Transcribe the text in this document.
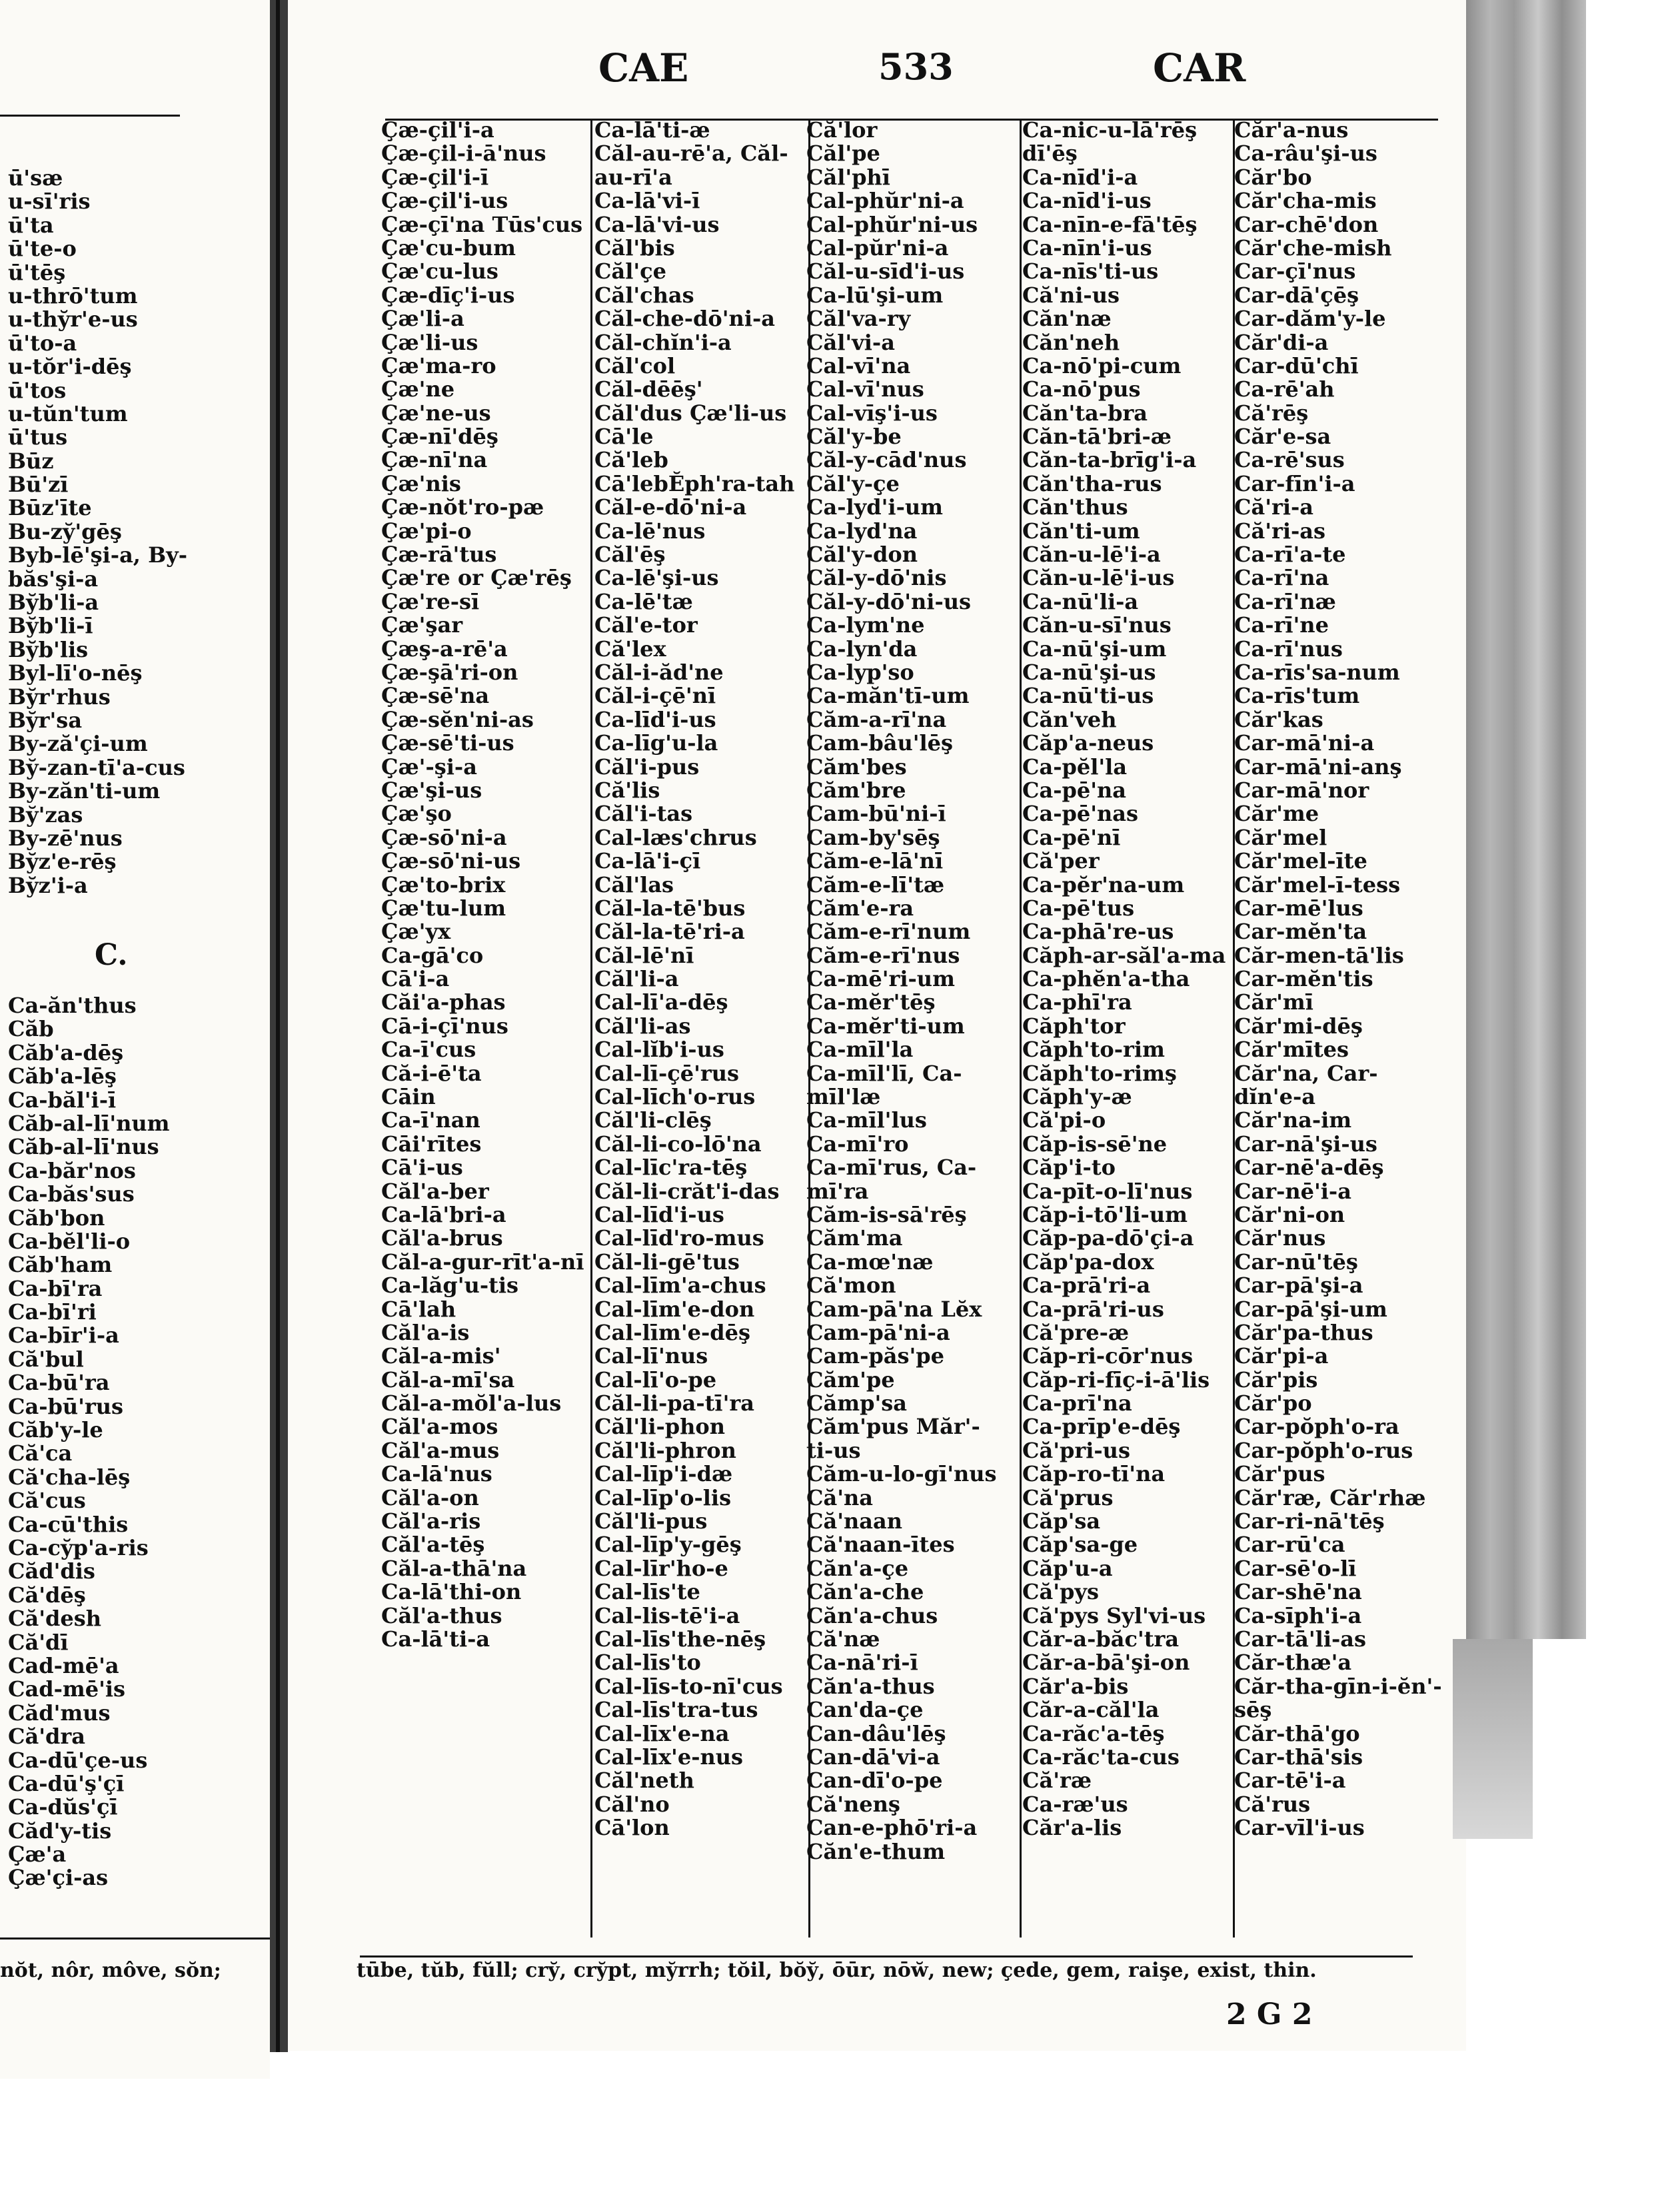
ū'sæ
u-sī'ris
ū'ta
ū'te-o
ū'tēş
u-thrō'tum
u-thy̆r'e-us
ū'to-a
u-tŏr'i-dēş
ū'tos
u-tŭn'tum
ū'tus
Būz
Bū'zī
Būz'īte
Bu-zy̆'gēş
Byb-lē'şi-a, By-
băs'şi-a
By̆b'li-a
By̆b'li-ī
By̆b'lis
Byl-lī'o-nēş
By̆r'rhus
By̆r'sa
By-ză'çi-um
By̆-zan-tī'a-cus
By-zăn'ti-um
By̆'zas
By-zē'nus
By̆z'e-rēş
By̆z'i-a
C.
Ca-ăn'thus
Căb
Căb'a-dēş
Căb'a-lēş
Ca-băl'i-ī
Căb-al-lī'num
Căb-al-lī'nus
Ca-băr'nos
Ca-băs'sus
Căb'bon
Ca-bĕl'li-o
Căb'ham
Ca-bī'ra
Ca-bī'ri
Ca-bīr'i-a
Că'bul
Ca-bū'ra
Ca-bū'rus
Căb'y-le
Că'ca
Că'cha-lēş
Că'cus
Ca-cū'this
Ca-cy̆p'a-ris
Căd'dis
Că'dēş
Că'desh
Că'dī
Cad-mē'a
Cad-mē'is
Căd'mus
Că'dra
Ca-dū'çe-us
Ca-dū'ş'çī
Ca-dŭs'çī
Căd'y-tis
Çæ'a
Çæ'çi-as
nŏt, nôr, môve, sŏn;
CAE	533	CAR
Çæ-çil'i-a
Çæ-çil-i-ā'nus
Çæ-çil'i-ī
Çæ-çil'i-us
Çæ-çī'na Tūs'cus
Çæ'cu-bum
Çæ'cu-lus
Çæ-dīç'i-us
Çæ'li-a
Çæ'li-us
Çæ'ma-ro
Çæ'ne
Çæ'ne-us
Çæ-nī'dēş
Çæ-nī'na
Çæ'nis
Çæ-nŏt'ro-pæ
Çæ'pi-o
Çæ-rā'tus
Çæ're or Çæ'rēş
Çæ're-sī
Çæ'şar
Çæş-a-rē'a
Çæ-şā'ri-on
Çæ-sē'na
Çæ-sĕn'ni-as
Çæ-sē'ti-us
Çæ'-şi-a
Çæ'şi-us
Çæ'şo
Çæ-sō'ni-a
Çæ-sō'ni-us
Çæ'to-brix
Çæ'tu-lum
Çæ'yx
Ca-gā'co
Cā'i-a
Căi'a-phas
Cā-i-çī'nus
Ca-ī'cus
Că-i-ē'ta
Cāin
Ca-ī'nan
Cāi'rītes
Cā'i-us
Căl'a-ber
Ca-lā'bri-a
Căl'a-brus
Căl-a-gur-rīt'a-nī
Ca-lăg'u-tis
Cā'lah
Căl'a-is
Căl-a-mis'
Căl-a-mī'sa
Căl-a-mŏl'a-lus
Căl'a-mos
Căl'a-mus
Ca-lā'nus
Căl'a-on
Căl'a-ris
Căl'a-tēş
Căl-a-thā'na
Ca-lā'thi-on
Căl'a-thus
Ca-lā'ti-a
Ca-lā'ti-æ
Căl-au-rē'a, Căl-
au-rī'a
Ca-lā'vi-ī
Ca-lā'vi-us
Căl'bis
Căl'çe
Căl'chas
Căl-che-dō'ni-a
Căl-chĭn'i-a
Căl'col
Căl-dēēş'
Căl'dus Çæ'li-us
Cā'le
Că'leb
Cā'lebĔph'ra-tah
Căl-e-dō'ni-a
Ca-lē'nus
Căl'ēş
Ca-lē'şi-us
Ca-lē'tæ
Căl'e-tor
Că'lex
Căl-i-ăd'ne
Căl-i-çē'nī
Ca-līd'i-us
Ca-līg'u-la
Căl'i-pus
Că'lis
Căl'i-tas
Cal-læs'chrus
Ca-lā'i-çī
Căl'las
Căl-la-tē'bus
Căl-la-tē'ri-a
Căl-lē'nī
Căl'li-a
Cal-lī'a-dēş
Căl'li-as
Cal-lĭb'i-us
Cal-lī-çē'rus
Cal-līch'o-rus
Căl'li-clēş
Căl-li-co-lō'na
Cal-līc'ra-tēş
Căl-li-crăt'i-das
Cal-līd'i-us
Cal-līd'ro-mus
Căl-li-gē'tus
Cal-līm'a-chus
Cal-līm'e-don
Cal-līm'e-dēş
Cal-lī'nus
Cal-lī'o-pe
Căl-li-pa-tī'ra
Căl'li-phon
Căl'li-phron
Cal-līp'i-dæ
Cal-līp'o-lis
Căl'li-pus
Cal-līp'y-gēş
Cal-līr'ho-e
Cal-līs'te
Cal-lis-tē'i-a
Cal-līs'the-nēş
Cal-līs'to
Cal-līs-to-nī'cus
Cal-līs'tra-tus
Cal-līx'e-na
Cal-līx'e-nus
Căl'neth
Căl'no
Cā'lon
Că'lor
Căl'pe
Căl'phī
Cal-phŭr'ni-a
Cal-phŭr'ni-us
Cal-pŭr'ni-a
Căl-u-sīd'i-us
Ca-lū'şi-um
Căl'va-ry
Căl'vi-a
Cal-vī'na
Cal-vī'nus
Cal-vīş'i-us
Căl'y-be
Căl-y-cād'nus
Căl'y-çe
Ca-lyd'i-um
Ca-lyd'na
Căl'y-don
Căl-y-dō'nis
Căl-y-dō'ni-us
Ca-lym'ne
Ca-lyn'da
Ca-lyp'so
Ca-măn'tī-um
Căm-a-rī'na
Cam-bâu'lēş
Căm'bes
Căm'bre
Cam-bū'ni-ī
Cam-by'sēş
Căm-e-lā'nī
Căm-e-lī'tæ
Căm'e-ra
Căm-e-rī'num
Căm-e-rī'nus
Ca-mē'ri-um
Ca-mĕr'tēş
Ca-mĕr'ti-um
Ca-mīl'la
Ca-mīl'lī, Ca-
mīl'læ
Ca-mīl'lus
Ca-mī'ro
Ca-mī'rus, Ca-
mī'ra
Căm-is-sā'rēş
Căm'ma
Ca-mœ'næ
Că'mon
Cam-pā'na Lĕx
Cam-pā'ni-a
Cam-păs'pe
Căm'pe
Cămp'sa
Căm'pus Măr'-
ti-us
Căm-u-lo-gī'nus
Că'na
Că'naan
Că'naan-ītes
Căn'a-çe
Căn'a-che
Căn'a-chus
Că'næ
Ca-nā'ri-ī
Căn'a-thus
Can'da-çe
Can-dâu'lēş
Can-dā'vi-a
Can-dī'o-pe
Că'nenş
Can-e-phō'ri-a
Căn'e-thum
Ca-nic-u-lā'rēş
dī'ēş
Ca-nīd'i-a
Ca-nīd'i-us
Ca-nīn-e-fā'tēş
Ca-nīn'i-us
Ca-nīs'ti-us
Că'ni-us
Căn'næ
Căn'neh
Ca-nō'pi-cum
Ca-nō'pus
Căn'ta-bra
Căn-tā'bri-æ
Căn-ta-brīg'i-a
Căn'tha-rus
Căn'thus
Căn'ti-um
Căn-u-lē'i-a
Căn-u-lē'i-us
Ca-nū'li-a
Căn-u-sī'nus
Ca-nū'şi-um
Ca-nū'şi-us
Ca-nū'ti-us
Căn'veh
Căp'a-neus
Ca-pĕl'la
Ca-pē'na
Ca-pē'nas
Ca-pē'nī
Că'per
Ca-pĕr'na-um
Ca-pē'tus
Ca-phā're-us
Căph-ar-săl'a-ma
Ca-phĕn'a-tha
Ca-phī'ra
Căph'tor
Căph'to-rim
Căph'to-rimş
Căph'y-æ
Că'pi-o
Căp-is-sē'ne
Căp'i-to
Ca-pīt-o-lī'nus
Căp-i-tō'li-um
Căp-pa-dō'çi-a
Căp'pa-dox
Ca-prā'ri-a
Ca-prā'ri-us
Că'pre-æ
Căp-ri-cōr'nus
Căp-ri-fīç-i-ā'lis
Ca-prī'na
Ca-prīp'e-dēş
Că'pri-us
Căp-ro-tī'na
Că'prus
Căp'sa
Căp'sa-ge
Căp'u-a
Că'pys
Că'pys Syl'vi-us
Căr-a-băc'tra
Căr-a-bā'şi-on
Căr'a-bis
Căr-a-căl'la
Ca-răc'a-tēş
Ca-răc'ta-cus
Că'ræ
Ca-ræ'us
Căr'a-lis
Căr'a-nus
Ca-râu'şi-us
Căr'bo
Căr'cha-mis
Car-chē'don
Căr'che-mish
Car-çī'nus
Car-dā'çēş
Car-dăm'y-le
Căr'di-a
Car-dū'chī
Ca-rē'ah
Că'rēş
Căr'e-sa
Ca-rē'sus
Car-fīn'i-a
Că'ri-a
Că'ri-as
Ca-rī'a-te
Ca-rī'na
Ca-rī'næ
Ca-rī'ne
Ca-rī'nus
Ca-rīs'sa-num
Ca-rīs'tum
Căr'kas
Car-mā'ni-a
Car-mā'ni-anş
Car-mā'nor
Căr'me
Căr'mel
Căr'mel-īte
Căr'mel-ī-tess
Car-mē'lus
Car-mĕn'ta
Căr-men-tā'lis
Car-mĕn'tis
Căr'mī
Căr'mi-dēş
Căr'mītes
Căr'na, Car-
dĭn'e-a
Căr'na-im
Car-nā'şi-us
Car-nē'a-dēş
Car-nē'i-a
Căr'ni-on
Căr'nus
Car-nū'tēş
Car-pā'şi-a
Car-pā'şi-um
Căr'pa-thus
Căr'pi-a
Căr'pis
Căr'po
Car-pŏph'o-ra
Car-pŏph'o-rus
Căr'pus
Căr'ræ, Căr'rhæ
Car-ri-nā'tēş
Car-rū'ca
Car-sē'o-lī
Car-shē'na
Ca-sīph'i-a
Car-tā'li-as
Căr-thæ'a
Căr-tha-gīn-i-ĕn'-
sēş
Căr-thā'go
Car-thā'sis
Car-tē'i-a
Că'rus
Car-vīl'i-us
tūbe, tŭb, fŭll; cry̆, cry̆pt, my̆rrh; tŏil, bŏy̆, ōūr, nōw̆, new; çede, gem, raişe, exist, thin.
2 G 2
